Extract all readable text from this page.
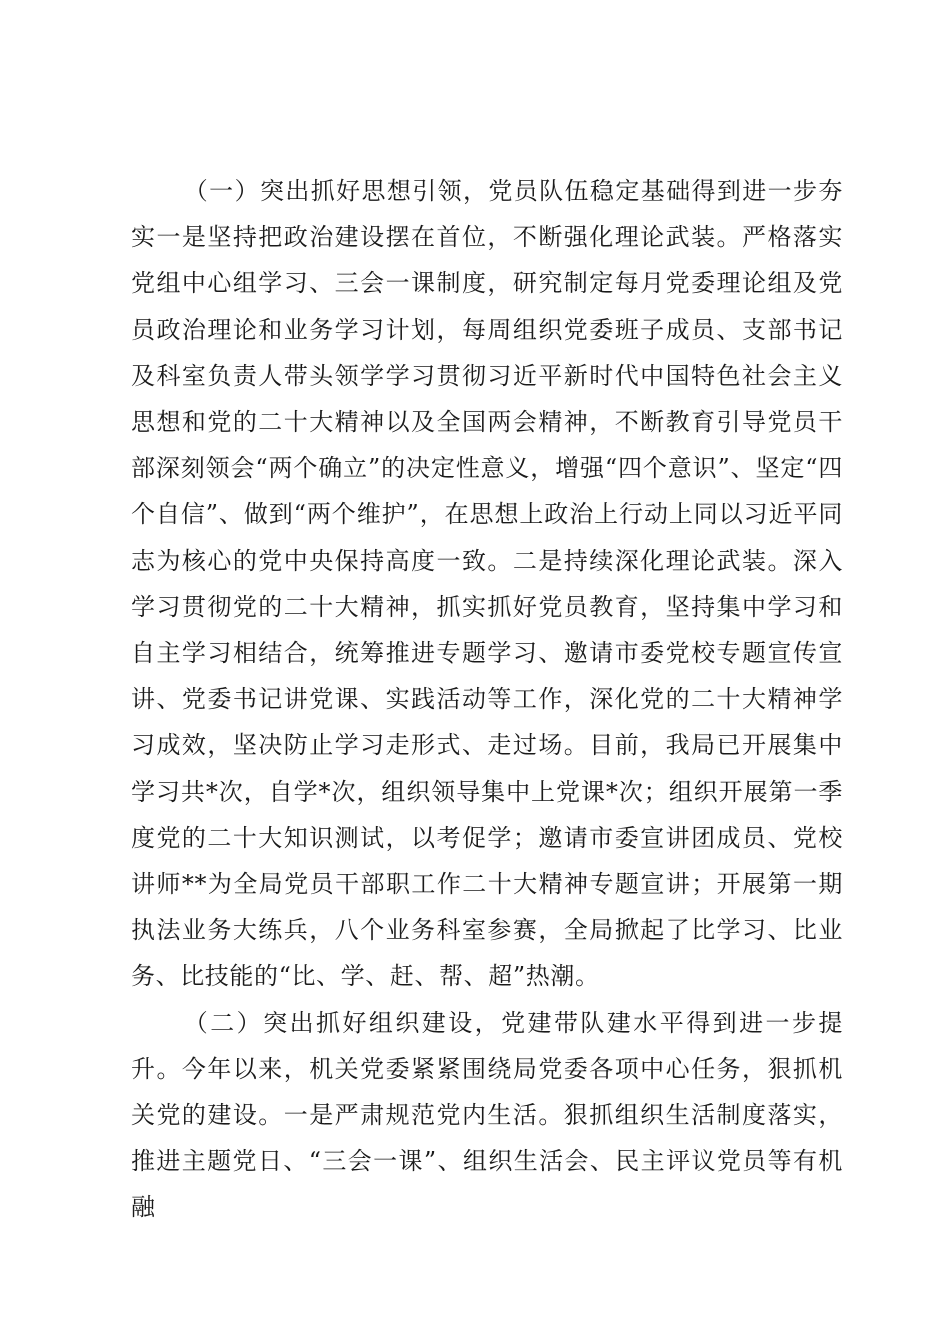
（一）突出抓好思想引领，党员队伍稳定基础得到进一步夯实一是坚持把政治建设摆在首位，不断强化理论武装。严格落实党组中心组学习、三会一课制度，研究制定每月党委理论组及党员政治理论和业务学习计划，每周组织党委班子成员、支部书记及科室负责人带头领学学习贯彻习近平新时代中国特色社会主义思想和党的二十大精神以及全国两会精神，不断教育引导党员干部深刻领会“两个确立”的决定性意义，增强“四个意识”、坚定“四个自信”、做到“两个维护”，在思想上政治上行动上同以习近平同志为核心的党中央保持高度一致。二是持续深化理论武装。深入学习贯彻党的二十大精神，抓实抓好党员教育，坚持集中学习和自主学习相结合，统筹推进专题学习、邀请市委党校专题宣传宣讲、党委书记讲党课、实践活动等工作，深化党的二十大精神学习成效，坚决防止学习走形式、走过场。目前，我局已开展集中学习共*次，自学*次，组织领导集中上党课*次；组织开展第一季度党的二十大知识测试，以考促学；邀请市委宣讲团成员、党校讲师**为全局党员干部职工作二十大精神专题宣讲；开展第一期执法业务大练兵，八个业务科室参赛，全局掀起了比学习、比业务、比技能的“比、学、赶、帮、超”热潮。

（二）突出抓好组织建设，党建带队建水平得到进一步提升。今年以来，机关党委紧紧围绕局党委各项中心任务，狠抓机关党的建设。一是严肃规范党内生活。狠抓组织生活制度落实，推进主题党日、“三会一课”、组织生活会、民主评议党员等有机融
